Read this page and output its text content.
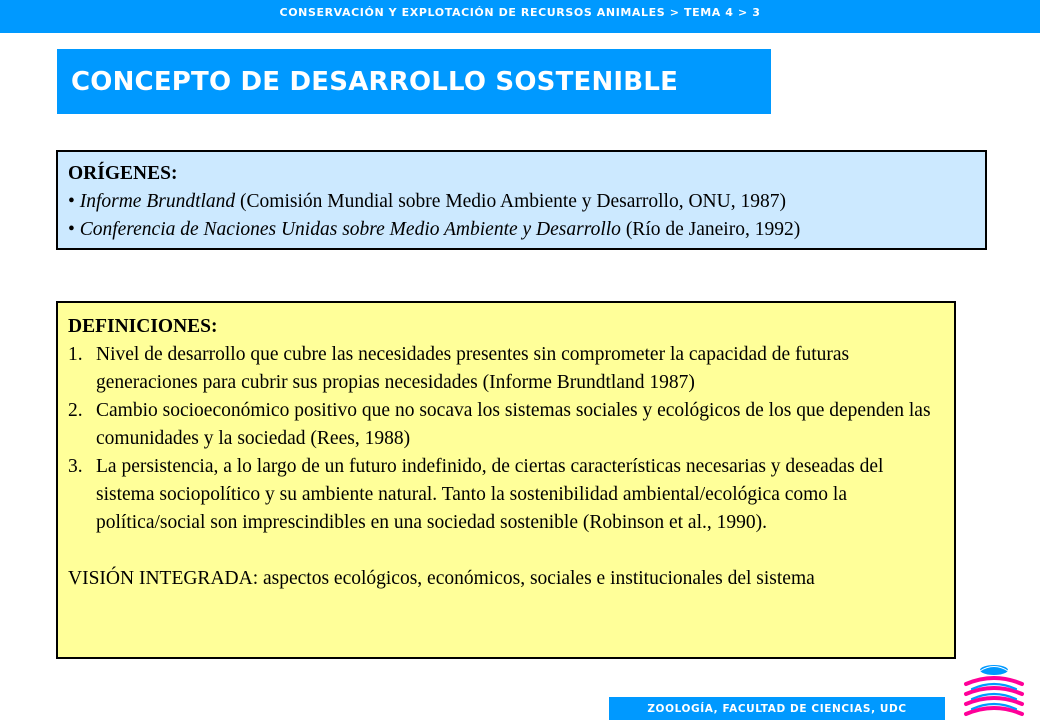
CONSERVACIÓN Y EXPLOTACIÓN DE RECURSOS ANIMALES > TEMA 4 > 3
CONCEPTO DE DESARROLLO SOSTENIBLE
ORÍGENES:
• Informe Brundtland (Comisión Mundial sobre Medio Ambiente y Desarrollo, ONU, 1987)
• Conferencia de Naciones Unidas sobre Medio Ambiente y Desarrollo (Río de Janeiro, 1992)
DEFINICIONES:
1. Nivel de desarrollo que cubre las necesidades presentes sin comprometer la capacidad de futuras generaciones para cubrir sus propias necesidades (Informe Brundtland 1987)
2. Cambio socioeconómico positivo que no socava los sistemas sociales y ecológicos de los que dependen las comunidades y la sociedad (Rees, 1988)
3. La persistencia, a lo largo de un futuro indefinido, de ciertas características necesarias y deseadas del sistema sociopolítico y su ambiente natural. Tanto la sostenibilidad ambiental/ecológica como la política/social son imprescindibles en una sociedad sostenible (Robinson et al., 1990).
VISIÓN INTEGRADA: aspectos ecológicos, económicos, sociales e institucionales del sistema
ZOOLOGÍA, FACULTAD DE CIENCIAS, UDC
